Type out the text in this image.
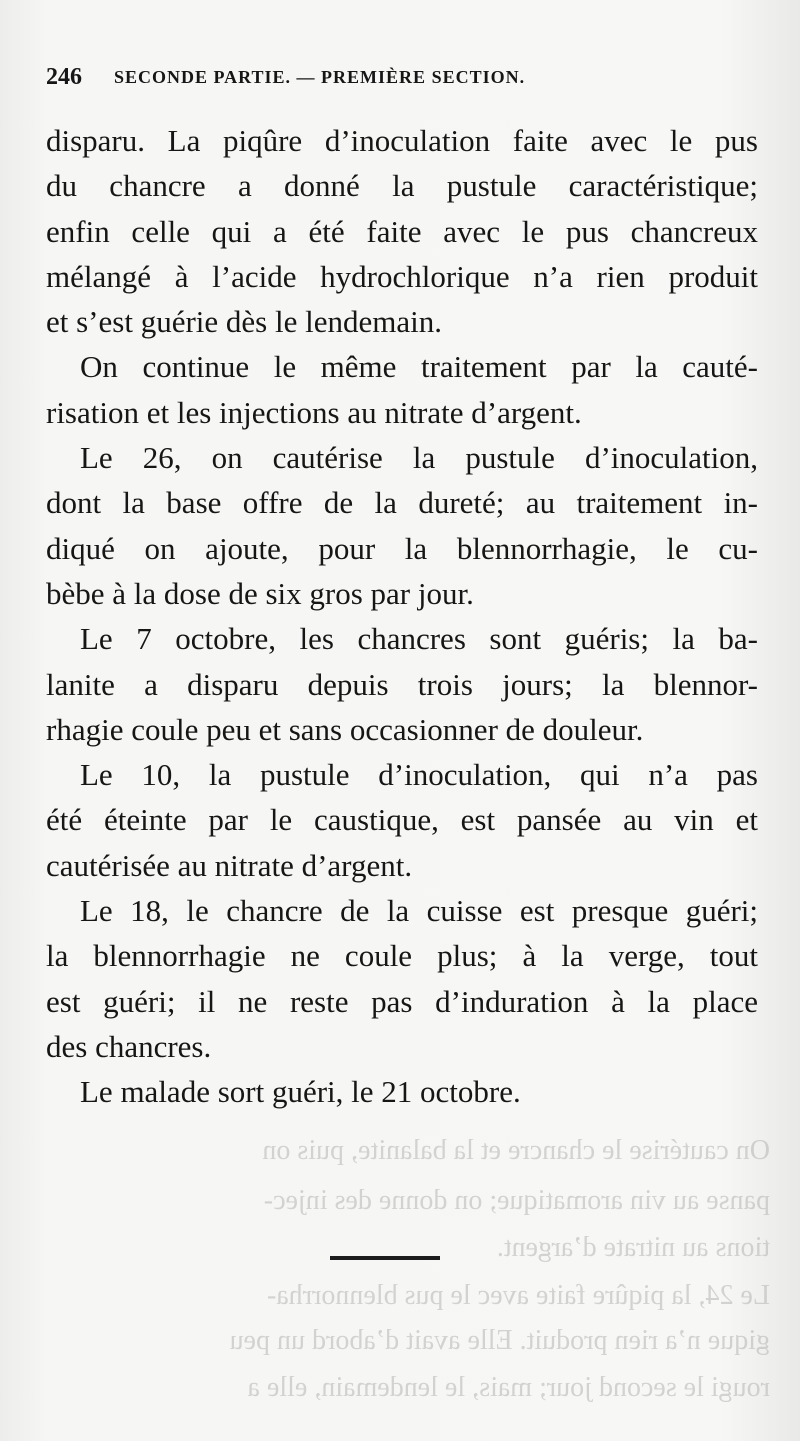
246 SECONDE PARTIE. — PREMIÈRE SECTION.
disparu. La piqûre d’inoculation faite avec le pus
du chancre a donné la pustule caractéristique;
enfin celle qui a été faite avec le pus chancreux
mélangé à l’acide hydrochlorique n’a rien produit
et s’est guérie dès le lendemain.
On continue le même traitement par la cauté-
risation et les injections au nitrate d’argent.
Le 26, on cautérise la pustule d’inoculation,
dont la base offre de la dureté; au traitement in-
diqué on ajoute, pour la blennorrhagie, le cu-
bèbe à la dose de six gros par jour.
Le 7 octobre, les chancres sont guéris; la ba-
lanite a disparu depuis trois jours; la blennor-
rhagie coule peu et sans occasionner de douleur.
Le 10, la pustule d’inoculation, qui n’a pas
été éteinte par le caustique, est pansée au vin et
cautérisée au nitrate d’argent.
Le 18, le chancre de la cuisse est presque guéri;
la blennorrhagie ne coule plus; à la verge, tout
est guéri; il ne reste pas d’induration à la place
des chancres.
Le malade sort guéri, le 21 octobre.
On cautérise le chancre et la balanite, puis on
panse au vin aromatique; on donne des injec-
tions au nitrate d’argent.
Le 24, la piqûre faite avec le pus blennorrha-
gique n’a rien produit. Elle avait d’abord un peu
rougi le second jour; mais, le lendemain, elle a
